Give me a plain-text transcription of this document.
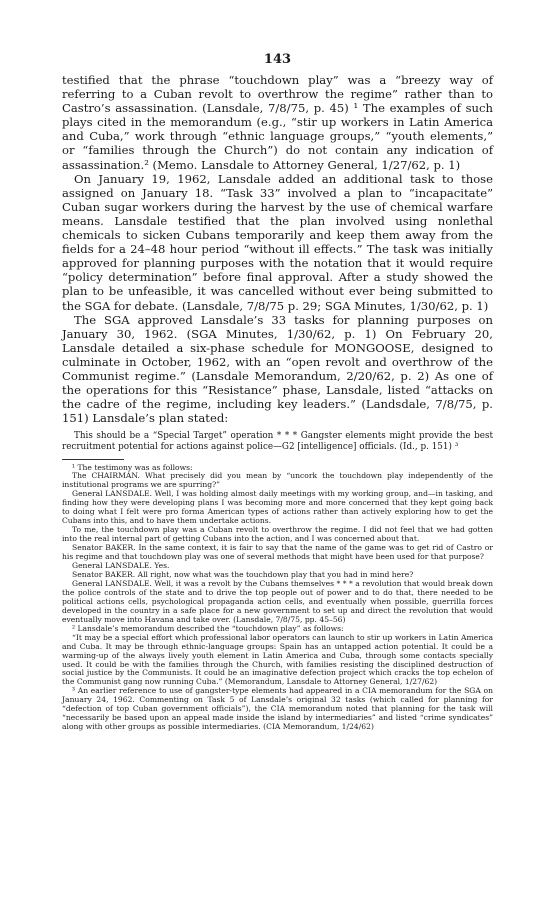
143

testified that the phrase “touchdown play” was a “breezy way of referring to a Cuban revolt to overthrow the regime” rather than to Castro’s assassination. (Lansdale, 7/8/75, p. 45) ¹ The examples of such plays cited in the memorandum (e.g., “stir up workers in Latin America and Cuba,” work through “ethnic language groups,” “youth elements,” or “families through the Church”) do not contain any indication of assassination.² (Memo. Lansdale to Attorney General, 1/27/62, p. 1)

On January 19, 1962, Lansdale added an additional task to those assigned on January 18. “Task 33” involved a plan to “incapacitate” Cuban sugar workers during the harvest by the use of chemical warfare means. Lansdale testified that the plan involved using nonlethal chemicals to sicken Cubans temporarily and keep them away from the fields for a 24–48 hour period “without ill effects.” The task was initially approved for planning purposes with the notation that it would require “policy determination” before final approval. After a study showed the plan to be unfeasible, it was cancelled without ever being submitted to the SGA for debate. (Lansdale, 7/8/75 p. 29; SGA Minutes, 1/30/62, p. 1)

The SGA approved Lansdale’s 33 tasks for planning purposes on January 30, 1962. (SGA Minutes, 1/30/62, p. 1) On February 20, Lansdale detailed a six-phase schedule for MONGOOSE, designed to culminate in October, 1962, with an “open revolt and overthrow of the Communist regime.” (Lansdale Memorandum, 2/20/62, p. 2) As one of the operations for this “Resistance” phase, Lansdale, listed “attacks on the cadre of the regime, including key leaders.” (Landsdale, 7/8/75, p. 151) Lansdale’s plan stated:

This should be a “Special Target” operation * * * Gangster elements might provide the best recruitment potential for actions against police—G2 [intelligence] officials. (Id., p. 151) ³

¹ The testimony was as follows:

The CHAIRMAN. What precisely did you mean by “uncork the touchdown play independently of the institutional programs we are spurring?”

General LANSDALE. Well, I was holding almost daily meetings with my working group, and—in tasking, and finding how they were developing plans I was becoming more and more concerned that they kept going back to doing what I felt were pro forma American types of actions rather than actively exploring how to get the Cubans into this, and to have them undertake actions.

To me, the touchdown play was a Cuban revolt to overthrow the regime. I did not feel that we had gotten into the real internal part of getting Cubans into the action, and I was concerned about that.

Senator BAKER. In the same context, it is fair to say that the name of the game was to get rid of Castro or his regime and that touchdown play was one of several methods that might have been used for that purpose?

General LANSDALE. Yes.

Senator BAKER. All right, now what was the touchdown play that you had in mind here?

General LANSDALE. Well, it was a revolt by the Cubans themselves * * * a revolution that would break down the police controls of the state and to drive the top people out of power and to do that, there needed to be political actions cells, psychological propaganda action cells, and eventually when possible, guerrilla forces developed in the country in a safe place for a new government to set up and direct the revolution that would eventually move into Havana and take over. (Lansdale, 7/8/75, pp. 45–56)

² Lansdale’s memorandum described the “touchdown play” as follows:

“It may be a special effort which professional labor operators can launch to stir up workers in Latin America and Cuba. It may be through ethnic-language groups: Spain has an untapped action potential. It could be a warming-up of the always lively youth element in Latin America and Cuba, through some contacts specially used. It could be with the families through the Church, with families resisting the disciplined destruction of social justice by the Communists. It could be an imaginative defection project which cracks the top echelon of the Communist gang now running Cuba.” (Memorandum, Lansdale to Attorney General, 1/27/62)

³ An earlier reference to use of gangster-type elements had appeared in a CIA memorandum for the SGA on January 24, 1962. Commenting on Task 5 of Lansdale’s original 32 tasks (which called for planning for “defection of top Cuban government officials”), the CIA memorandum noted that planning for the task will “necessarily be based upon an appeal made inside the island by intermediaries” and listed “crime syndicates” along with other groups as possible intermediaries. (CIA Memorandum, 1/24/62)
